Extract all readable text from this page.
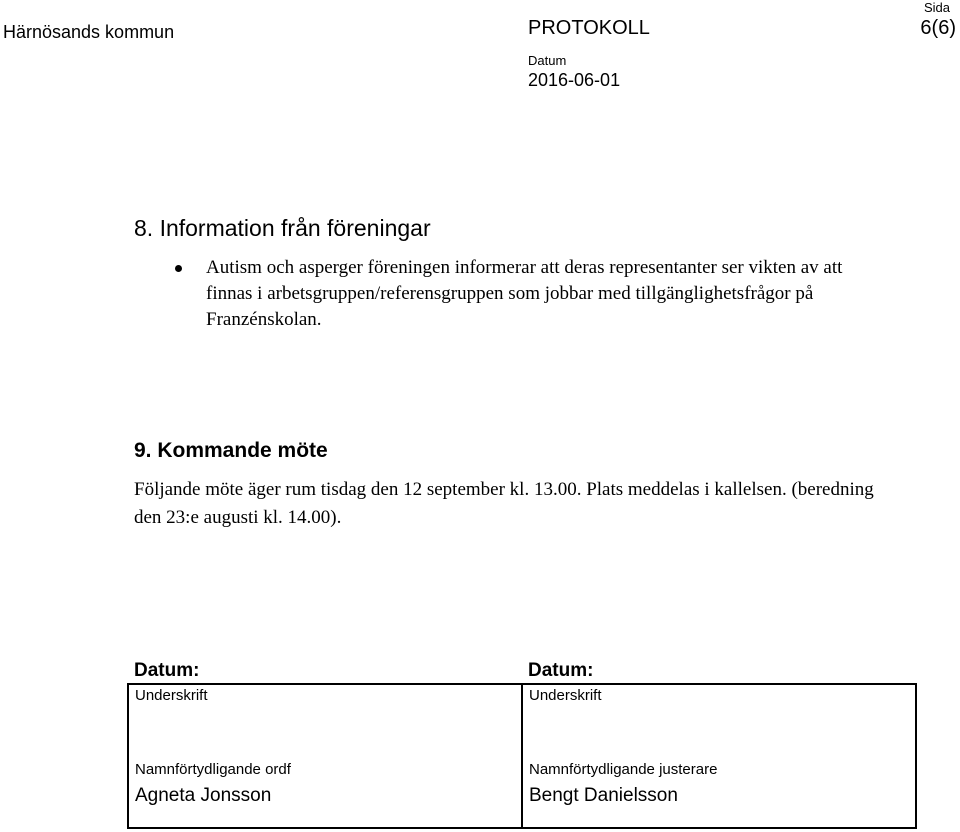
Härnösands kommun	PROTOKOLL
Sida
6(6)
Datum
2016-06-01
8. Information från föreningar
Autism och asperger föreningen informerar att deras representanter ser vikten av att finnas i arbetsgruppen/referensgruppen som jobbar med tillgänglighetsfrågor på Franzénskolan.
9. Kommande möte
Följande möte äger rum tisdag den 12 september kl. 13.00. Plats meddelas i kallelsen. (beredning den 23:e augusti kl. 14.00).
Datum:	Datum:
Underskrift
Namnförtydligande ordf
Agneta Jonsson
Underskrift
Namnförtydligande justerare
Bengt Danielsson
